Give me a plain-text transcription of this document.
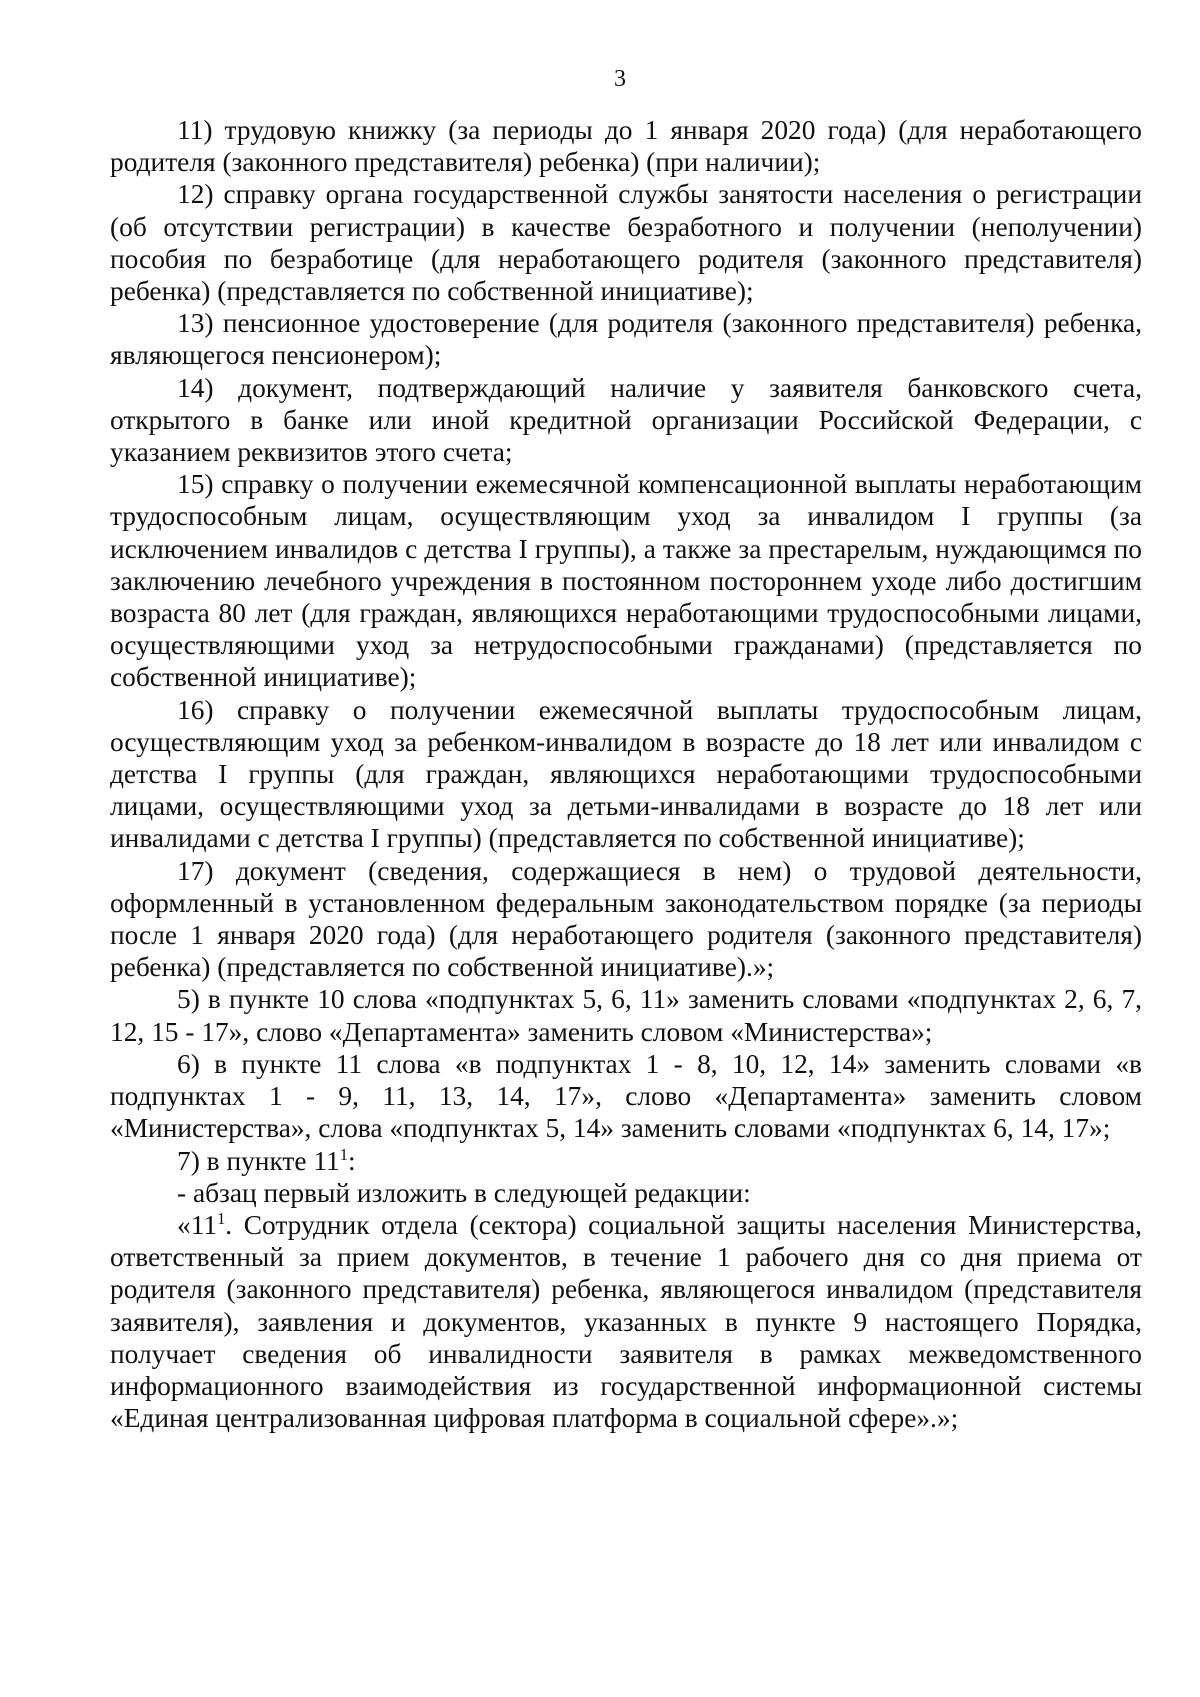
3

11) трудовую книжку (за периоды до 1 января 2020 года) (для неработающего родителя (законного представителя) ребенка) (при наличии);

12) справку органа государственной службы занятости населения о регистрации (об отсутствии регистрации) в качестве безработного и получении (неполучении) пособия по безработице (для неработающего родителя (законного представителя) ребенка) (представляется по собственной инициативе);

13) пенсионное удостоверение (для родителя (законного представителя) ребенка, являющегося пенсионером);

14) документ, подтверждающий наличие у заявителя банковского счета, открытого в банке или иной кредитной организации Российской Федерации, с указанием реквизитов этого счета;

15) справку о получении ежемесячной компенсационной выплаты неработающим трудоспособным лицам, осуществляющим уход за инвалидом I группы (за исключением инвалидов с детства I группы), а также за престарелым, нуждающимся по заключению лечебного учреждения в постоянном постороннем уходе либо достигшим возраста 80 лет (для граждан, являющихся неработающими трудоспособными лицами, осуществляющими уход за нетрудоспособными гражданами) (представляется по собственной инициативе);

16) справку о получении ежемесячной выплаты трудоспособным лицам, осуществляющим уход за ребенком-инвалидом в возрасте до 18 лет или инвалидом с детства I группы (для граждан, являющихся неработающими трудоспособными лицами, осуществляющими уход за детьми-инвалидами в возрасте до 18 лет или инвалидами с детства I группы) (представляется по собственной инициативе);

17) документ (сведения, содержащиеся в нем) о трудовой деятельности, оформленный в установленном федеральным законодательством порядке (за периоды после 1 января 2020 года) (для неработающего родителя (законного представителя) ребенка) (представляется по собственной инициативе).»;

5) в пункте 10 слова «подпунктах 5, 6, 11» заменить словами «подпунктах 2, 6, 7, 12, 15 - 17», слово «Департамента» заменить словом «Министерства»;

6) в пункте 11 слова «в подпунктах 1 - 8, 10, 12, 14» заменить словами «в подпунктах 1 - 9, 11, 13, 14, 17», слово «Департамента» заменить словом «Министерства», слова «подпунктах 5, 14» заменить словами «подпунктах 6, 14, 17»;

7) в пункте $11^1$:

- абзац первый изложить в следующей редакции:

«$11^1$. Сотрудник отдела (сектора) социальной защиты населения Министерства, ответственный за прием документов, в течение 1 рабочего дня со дня приема от родителя (законного представителя) ребенка, являющегося инвалидом (представителя заявителя), заявления и документов, указанных в пункте 9 настоящего Порядка, получает сведения об инвалидности заявителя в рамках межведомственного информационного взаимодействия из государственной информационной системы «Единая централизованная цифровая платформа в социальной сфере».»;
